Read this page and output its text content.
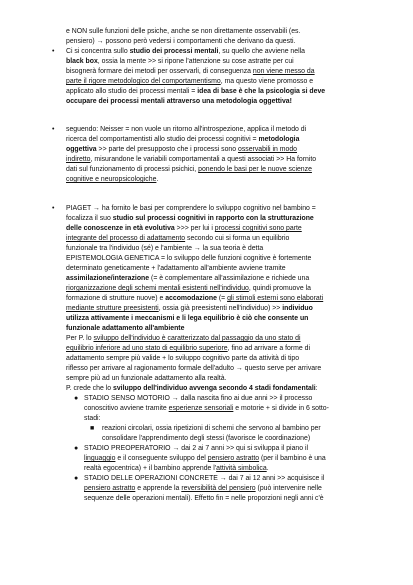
e NON sulle funzioni delle psiche, anche se non direttamente osservabili (es.
pensiero) → possono però vedersi i comportamenti che derivano da questi.
• Ci si concentra sullo studio dei processi mentali, su quello che avviene nella
black box, ossia la mente >> si ripone l'attenzione su cose astratte per cui
bisognerà formare dei metodi per osservarli, di conseguenza non viene messo da
parte il rigore metodologico del comportamentismo, ma questo viene promosso e
applicato allo studio dei processi mentali = idea di base è che la psicologia si deve
occupare dei processi mentali attraverso una metodologia oggettiva!
• seguendo: Neisser = non vuole un ritorno all'introspezione, applica il metodo di
ricerca del comportamentisti allo studio dei processi cognitivi = metodologia
oggettiva >> parte del presupposto che i processi sono osservabili in modo
indiretto, misurandone le variabili comportamentali a questi associati >> Ha fornito
dati sul funzionamento di processi psichici, ponendo le basi per le nuove scienze
cognitive e neuropsicologiche.
• PIAGET → ha fornito le basi per comprendere lo sviluppo cognitivo nel bambino =
focalizza il suo studio sul processi cognitivi in rapporto con la strutturazione
delle conoscenze in età evolutiva >>> per lui i processi cognitivi sono parte
integrante del processo di adattamento secondo cui si forma un equilibrio
funzionale tra l'individuo (sé) e l'ambiente → la sua teoria è detta
EPISTEMOLOGIA GENETICA = lo sviluppo delle funzioni cognitive è fortemente
determinato geneticamente + l'adattamento all'ambiente avviene tramite
assimilazione/interazione (= è complementare all'assimilazione e richiede una
riorganizzazione degli schemi mentali esistenti nell'individuo, quindi promuove la
formazione di strutture nuove) e accomodazione (= gli stimoli esterni sono elaborati
mediante strutture preesistenti, ossia già preesistenti nell'individuo) >> individuo
utilizza attivamente i meccanismi e li lega equilibrio è ciò che consente un
funzionale adattamento all'ambiente
Per P. lo sviluppo dell'individuo è caratterizzato dal passaggio da uno stato di
equilibrio inferiore ad uno stato di equilibrio superiore, fino ad arrivare a forme di
adattamento sempre più valide + lo sviluppo cognitivo parte da attività di tipo
riflesso per arrivare al ragionamento formale dell'adulto → questo serve per arrivare
sempre più ad un funzionale adattamento alla realtà.
P. crede che lo sviluppo dell'individuo avvenga secondo 4 stadi fondamentali:
● STADIO SENSO MOTORIO → dalla nascita fino ai due anni >> il processo
conoscitivo avviene tramite esperienze sensoriali e motorie + si divide in 6 sotto-
stadi:
■ reazioni circolari, ossia ripetizioni di schemi che servono al bambino per
consolidare l'apprendimento degli stessi (favorisce le coordinazione)
● STADIO PREOPERATORIO → dai 2 ai 7 anni >> qui si sviluppa il piano il
linguaggio e il conseguente sviluppo del pensiero astratto (per il bambino è una
realtà egocentrica) + il bambino apprende l'attività simbolica.
● STADIO DELLE OPERAZIONI CONCRETE → dai 7 ai 12 anni >> acquisisce il
pensiero astratto e apprende la reversibilità del pensiero (può intervenire nelle
sequenze delle operazioni mentali). Effetto fin = nelle proporzioni negli anni c'è
